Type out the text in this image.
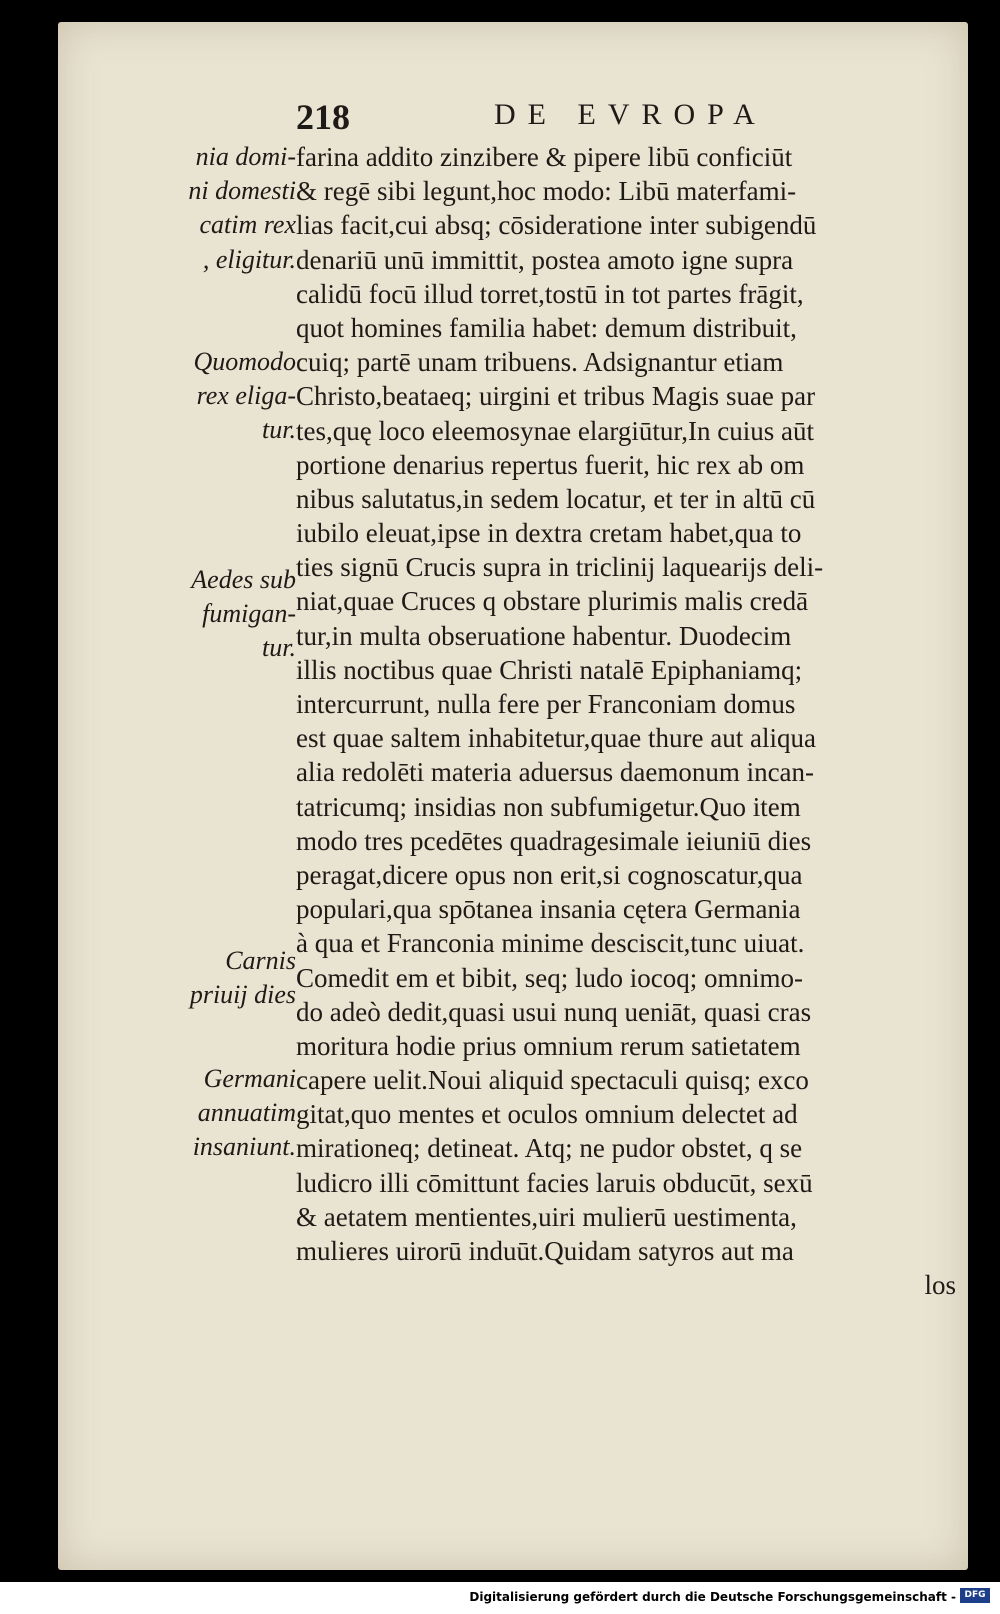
218	DE EVROPA
farina addito zinzibere & pipere libū conficiūt
& regē sibi legunt,hoc modo: Libū materfami-
lias facit,cui absq; cōsideratione inter subigendū
denariū unū immittit, postea amoto igne supra
calidū focū illud torret,tostū in tot partes frāgit,
quot homines familia habet: demum distribuit,
cuiq; partē unam tribuens. Adsignantur etiam
Christo,beataeq; uirgini et tribus Magis suae par
tes,quę loco eleemosynae elargiūtur,In cuius aūt
portione denarius repertus fuerit, hic rex ab om
nibus salutatus,in sedem locatur, et ter in altū cū
iubilo eleuat,ipse in dextra cretam habet,qua to
ties signū Crucis supra in triclinij laquearijs deli-
niat,quae Cruces q obstare plurimis malis credā
tur,in multa obseruatione habentur. Duodecim
illis noctibus quae Christi natalē Epiphaniamq;
intercurrunt, nulla fere per Franconiam domus
est quae saltem inhabitetur,quae thure aut aliqua
alia redolēti materia aduersus daemonum incan-
tatricumq; insidias non subfumigetur.Quo item
modo tres pcedētes quadragesimale ieiuniū dies
peragat,dicere opus non erit,si cognoscatur,qua
populari,qua spōtanea insania cętera Germania
à qua et Franconia minime desciscit,tunc uiuat.
Comedit em et bibit, seq; ludo iocoq; omnimo-
do adeò dedit,quasi usui nunq ueniāt, quasi cras
moritura hodie prius omnium rerum satietatem
capere uelit.Noui aliquid spectaculi quisq; exco
gitat,quo mentes et oculos omnium delectet ad
mirationeq; detineat. Atq; ne pudor obstet, q se
ludicro illi cōmittunt facies laruis obducūt, sexū
& aetatem mentientes,uiri mulierū uestimenta,
mulieres uirorū induūt.Quidam satyros aut ma
los
nia domi-
ni domesti
catim rex
, eligitur.
Quomodo
rex eliga-
tur.
Aedes sub
fumigan-
tur.
Carnis
priuij dies
Germani
annuatim
insaniunt.
Digitalisierung gefördert durch die Deutsche Forschungsgemeinschaft - DFG
